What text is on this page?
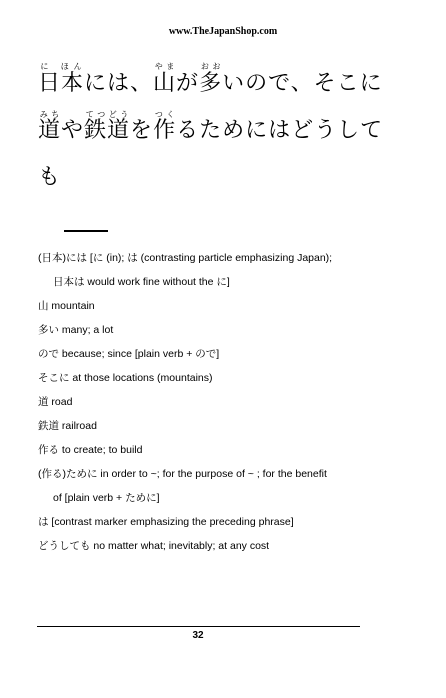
www.TheJapanShop.com
日本に ほんには、山やまが多おおいので、そこに
道みちや鉄道てつどうを作つくるためにはどうして
も
(日本)には [に (in); は (contrasting particle emphasizing Japan);
日本は would work fine without the に]
山 mountain
多い many; a lot
ので because; since [plain verb + ので]
そこに at those locations (mountains)
道 road
鉄道 railroad
作る to create; to build
(作る)ために in order to ~; for the purpose of ~ ; for the benefit
of [plain verb + ために]
は [contrast marker emphasizing the preceding phrase]
どうしても no matter what; inevitably; at any cost
32
